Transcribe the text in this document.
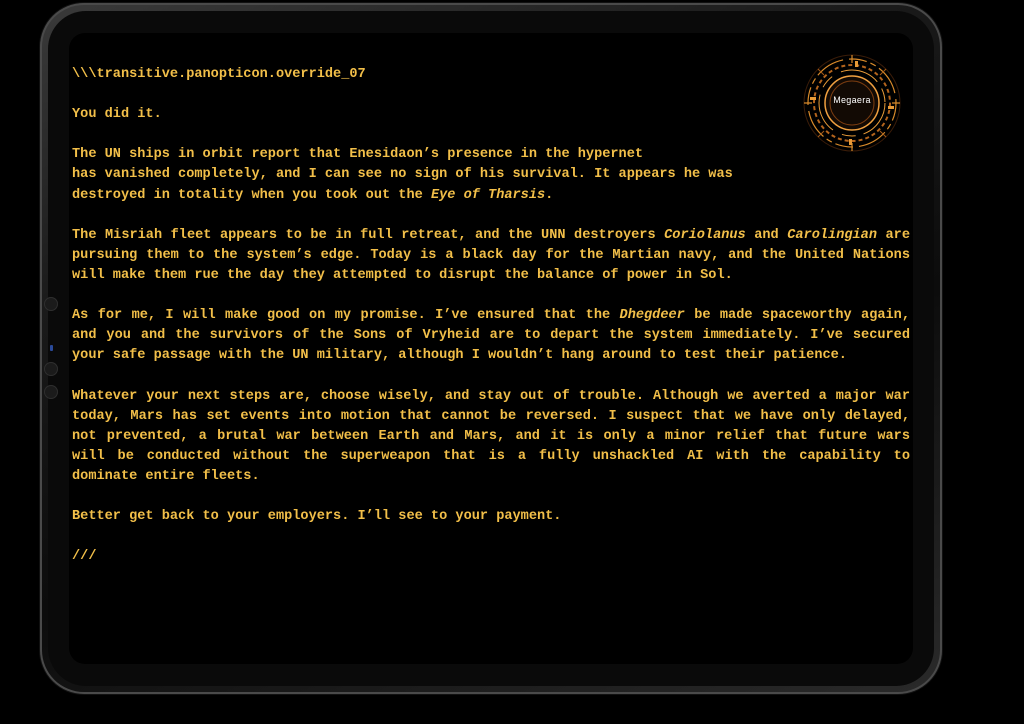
Megaera

\\\transitive.panopticon.override_07

You did it.

The UN ships in orbit report that Enesidaon’s presence in the hypernet
has vanished completely, and I can see no sign of his survival. It appears he was
destroyed in totality when you took out the Eye of Tharsis.

The Misriah fleet appears to be in full retreat, and the UNN destroyers Coriolanus and Carolingian are pursuing them to the system’s edge. Today is a black day for the Martian navy, and the United Nations will make them rue the day they attempted to disrupt the balance of power in Sol.

As for me, I will make good on my promise. I’ve ensured that the Dhegdeer be made spaceworthy again, and you and the survivors of the Sons of Vryheid are to depart the system immediately. I’ve secured your safe passage with the UN military, although I wouldn’t hang around to test their patience.

Whatever your next steps are, choose wisely, and stay out of trouble. Although we averted a major war today, Mars has set events into motion that cannot be reversed. I suspect that we have only delayed, not prevented, a brutal war between Earth and Mars, and it is only a minor relief that future wars will be conducted without the superweapon that is a fully unshackled AI with the capability to dominate entire fleets.

Better get back to your employers. I’ll see to your payment.

///
